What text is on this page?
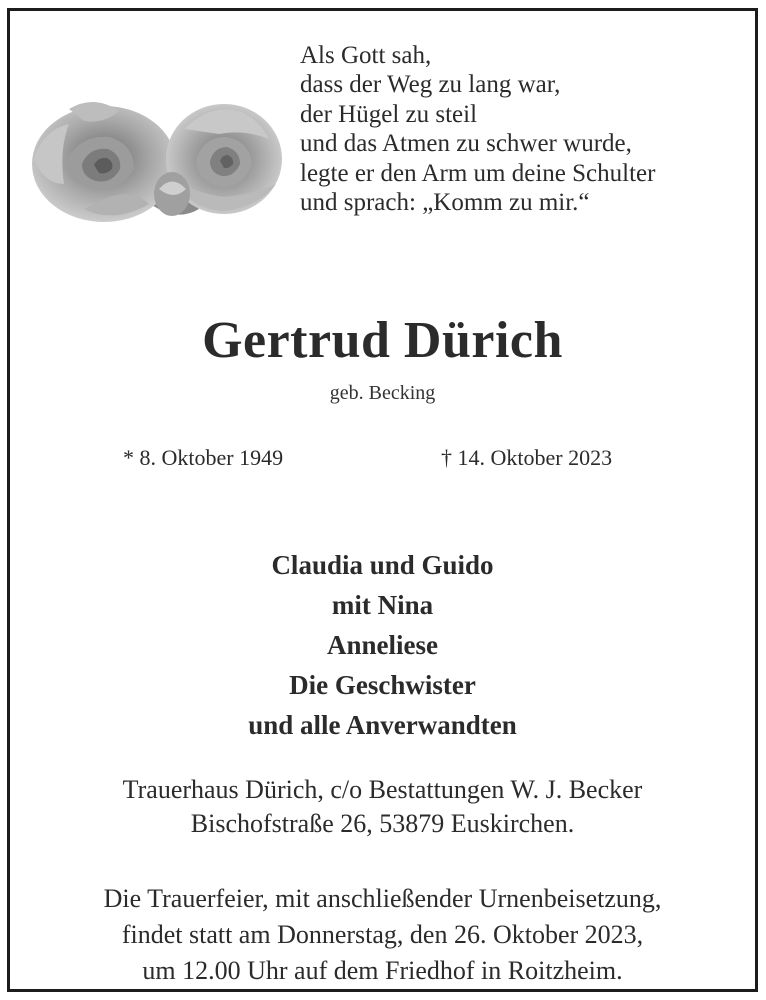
Als Gott sah,
dass der Weg zu lang war,
der Hügel zu steil
und das Atmen zu schwer wurde,
legte er den Arm um deine Schulter
und sprach: „Komm zu mir.“
Gertrud Dürich
geb. Becking
* 8. Oktober 1949	† 14. Oktober 2023
Claudia und Guido
mit Nina
Anneliese
Die Geschwister
und alle Anverwandten
Trauerhaus Dürich, c/o Bestattungen W. J. Becker
Bischofstraße 26, 53879 Euskirchen.
Die Trauerfeier, mit anschließender Urnenbeisetzung,
findet statt am Donnerstag, den 26. Oktober 2023,
um 12.00 Uhr auf dem Friedhof in Roitzheim.
